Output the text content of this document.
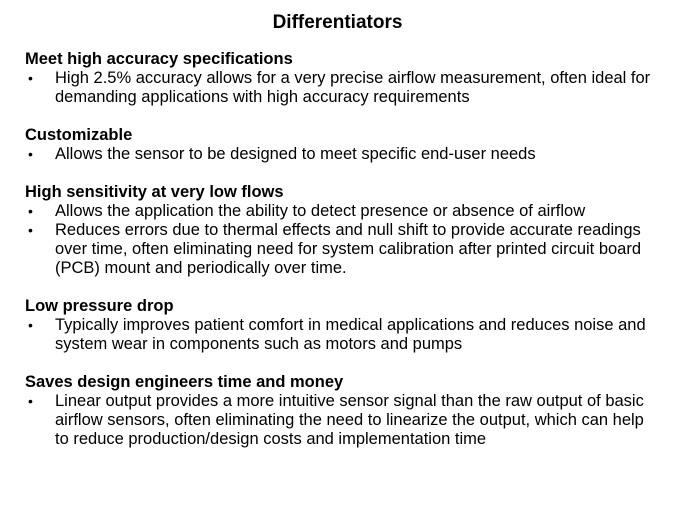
Differentiators

Meet high accuracy specifications

• High 2.5% accuracy allows for a very precise airflow measurement, often ideal for demanding applications with high accuracy requirements

Customizable

• Allows the sensor to be designed to meet specific end-user needs

High sensitivity at very low flows

• Allows the application the ability to detect presence or absence of airflow
• Reduces errors due to thermal effects and null shift to provide accurate readings over time, often eliminating need for system calibration after printed circuit board (PCB) mount and periodically over time.

Low pressure drop

• Typically improves patient comfort in medical applications and reduces noise and system wear in components such as motors and pumps

Saves design engineers time and money

• Linear output provides a more intuitive sensor signal than the raw output of basic airflow sensors, often eliminating the need to linearize the output, which can help to reduce production/design costs and implementation time
